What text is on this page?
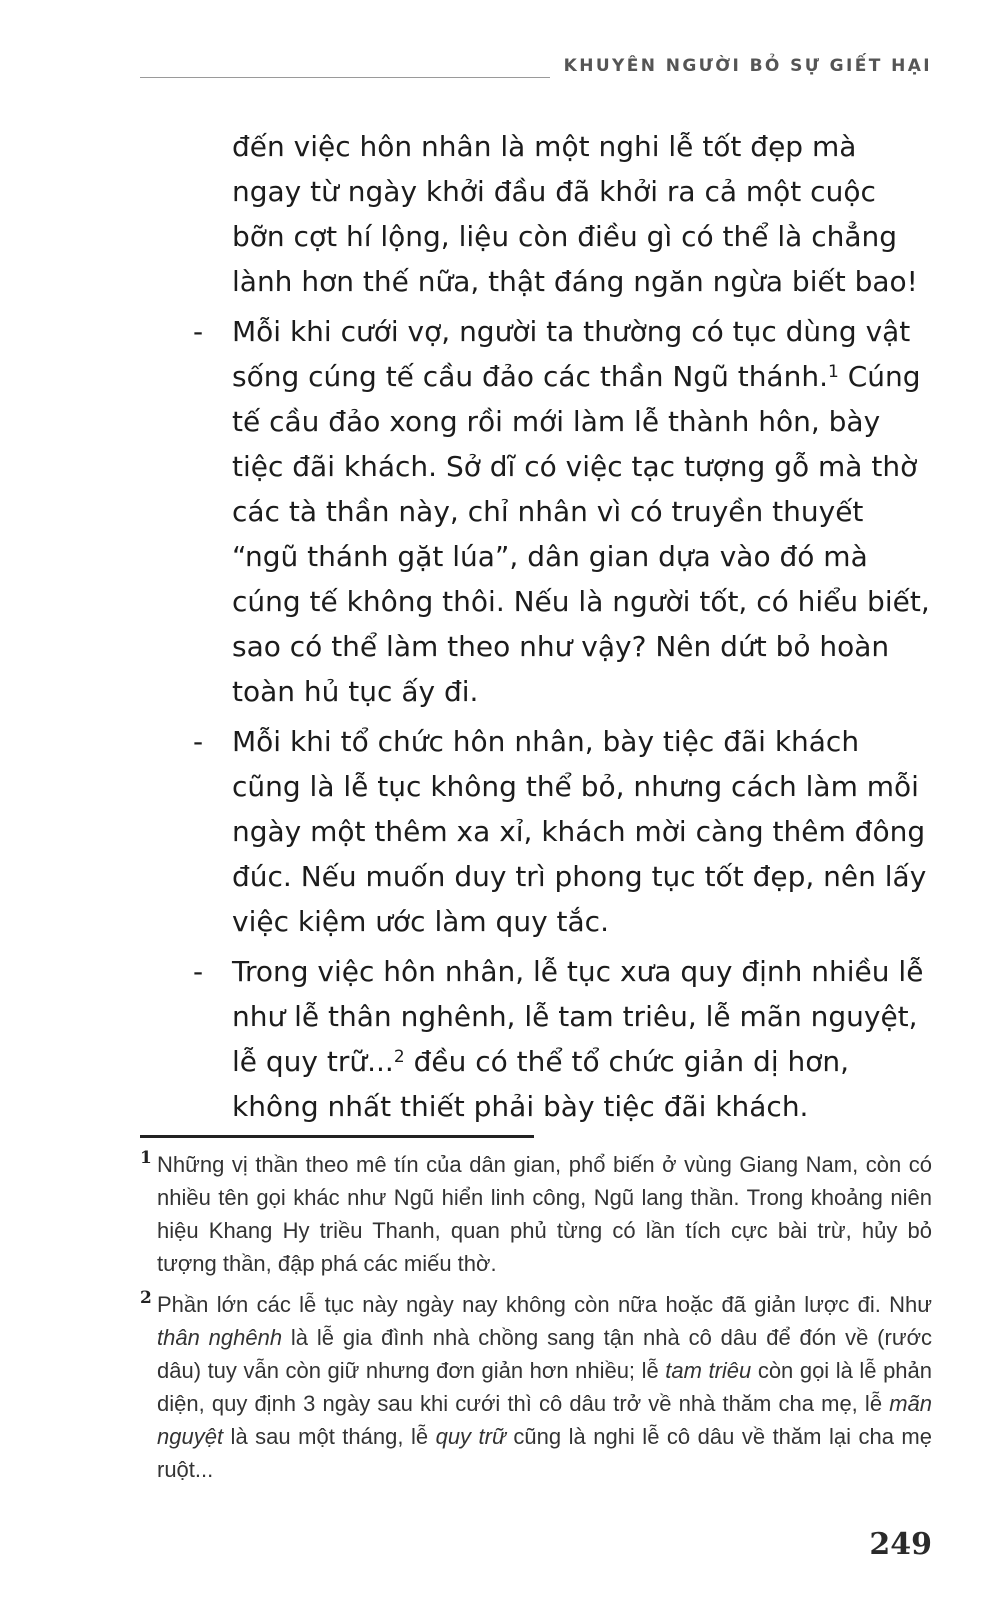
KHUYÊN NGƯỜI BỎ SỰ GIẾT HẠI

đến việc hôn nhân là một nghi lễ tốt đẹp mà ngay từ ngày khởi đầu đã khởi ra cả một cuộc bỡn cợt hí lộng, liệu còn điều gì có thể là chẳng lành hơn thế nữa, thật đáng ngăn ngừa biết bao!

- Mỗi khi cưới vợ, người ta thường có tục dùng vật sống cúng tế cầu đảo các thần Ngũ thánh.$^1$ Cúng tế cầu đảo xong rồi mới làm lễ thành hôn, bày tiệc đãi khách. Sở dĩ có việc tạc tượng gỗ mà thờ các tà thần này, chỉ nhân vì có truyền thuyết “ngũ thánh gặt lúa”, dân gian dựa vào đó mà cúng tế không thôi. Nếu là người tốt, có hiểu biết, sao có thể làm theo như vậy? Nên dứt bỏ hoàn toàn hủ tục ấy đi.
- Mỗi khi tổ chức hôn nhân, bày tiệc đãi khách cũng là lễ tục không thể bỏ, nhưng cách làm mỗi ngày một thêm xa xỉ, khách mời càng thêm đông đúc. Nếu muốn duy trì phong tục tốt đẹp, nên lấy việc kiệm ước làm quy tắc.
- Trong việc hôn nhân, lễ tục xưa quy định nhiều lễ như lễ thân nghênh, lễ tam triêu, lễ mãn nguyệt, lễ quy trữ...$^2$ đều có thể tổ chức giản dị hơn, không nhất thiết phải bày tiệc đãi khách.
1 Những vị thần theo mê tín của dân gian, phổ biến ở vùng Giang Nam, còn có nhiều tên gọi khác như Ngũ hiển linh công, Ngũ lang thần. Trong khoảng niên hiệu Khang Hy triều Thanh, quan phủ từng có lần tích cực bài trừ, hủy bỏ tượng thần, đập phá các miếu thờ.
2 Phần lớn các lễ tục này ngày nay không còn nữa hoặc đã giản lược đi. Như thân nghênh là lễ gia đình nhà chồng sang tận nhà cô dâu để đón về (rước dâu) tuy vẫn còn giữ nhưng đơn giản hơn nhiều; lễ tam triêu còn gọi là lễ phản diện, quy định 3 ngày sau khi cưới thì cô dâu trở về nhà thăm cha mẹ, lễ mãn nguyệt là sau một tháng, lễ quy trữ cũng là nghi lễ cô dâu về thăm lại cha mẹ ruột...
249
